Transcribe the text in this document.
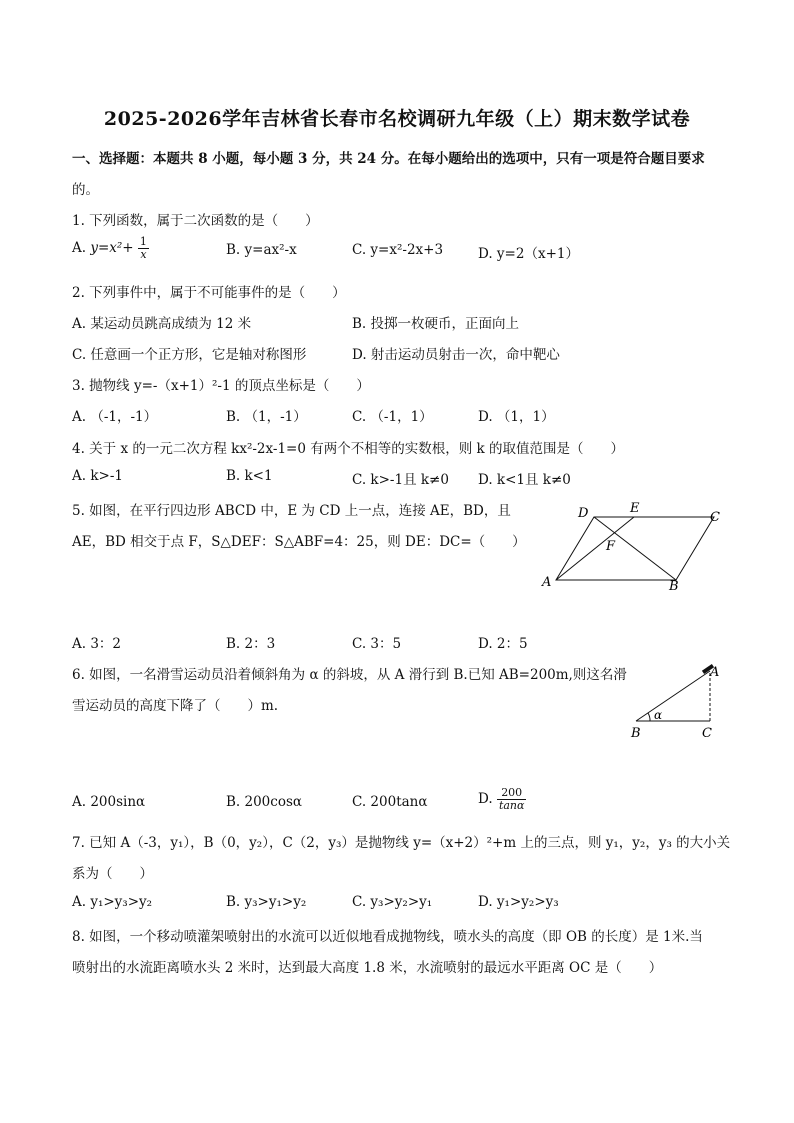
2025-2026学年吉林省长春市名校调研九年级（上）期末数学试卷
一、选择题：本题共 8 小题，每小题 3 分，共 24 分。在每小题给出的选项中，只有一项是符合题目要求
的。
1. 下列函数，属于二次函数的是（　　）
A. $y=x^2+ \frac{1}{x}$	B. y=ax²-x	C. y=x²-2x+3	D. y=2（x+1）
2. 下列事件中，属于不可能事件的是（　　）
A. 某运动员跳高成绩为 12 米	B. 投掷一枚硬币，正面向上
C. 任意画一个正方形，它是轴对称图形	D. 射击运动员射击一次，命中靶心
3. 抛物线 y=-（x+1）²-1 的顶点坐标是（　　）
A. （-1，-1）	B. （1，-1）	C. （-1，1）	D. （1，1）
4. 关于 x 的一元二次方程 kx²-2x-1=0 有两个不相等的实数根，则 k 的取值范围是（　　）
A. k>-1	B. k<1	C. k>-1且 k≠0 D. k<1且 k≠0
5. 如图，在平行四边形 ABCD 中，E 为 CD 上一点，连接 AE，BD，且
AE，BD 相交于点 F，S△DEF：S△ABF=4：25，则 DE：DC=（　　）
D	E
C
F
A	B
A. 3：2	B. 2：3	C. 3：5	D. 2：5
6. 如图，一名滑雪运动员沿着倾斜角为 α 的斜坡，从 A 滑行到 B.已知 AB=200m,则这名滑
雪运动员的高度下降了（　　）m.
A
B	C
α
A. 200sinα	B. 200cosα	C. 200tanα	D. $\frac{200}{\tan\alpha}$
7. 已知 A（-3，y₁），B（0，y₂），C（2，y₃）是抛物线 y=（x+2）²+m 上的三点，则 y₁，y₂，y₃ 的大小关
系为（　　）
A. y₁>y₃>y₂	B. y₃>y₁>y₂	C. y₃>y₂>y₁	D. y₁>y₂>y₃
8. 如图，一个移动喷灌架喷射出的水流可以近似地看成抛物线，喷水头的高度（即 OB 的长度）是 1米.当
喷射出的水流距离喷水头 2 米时，达到最大高度 1.8 米，水流喷射的最远水平距离 OC 是（　　）
